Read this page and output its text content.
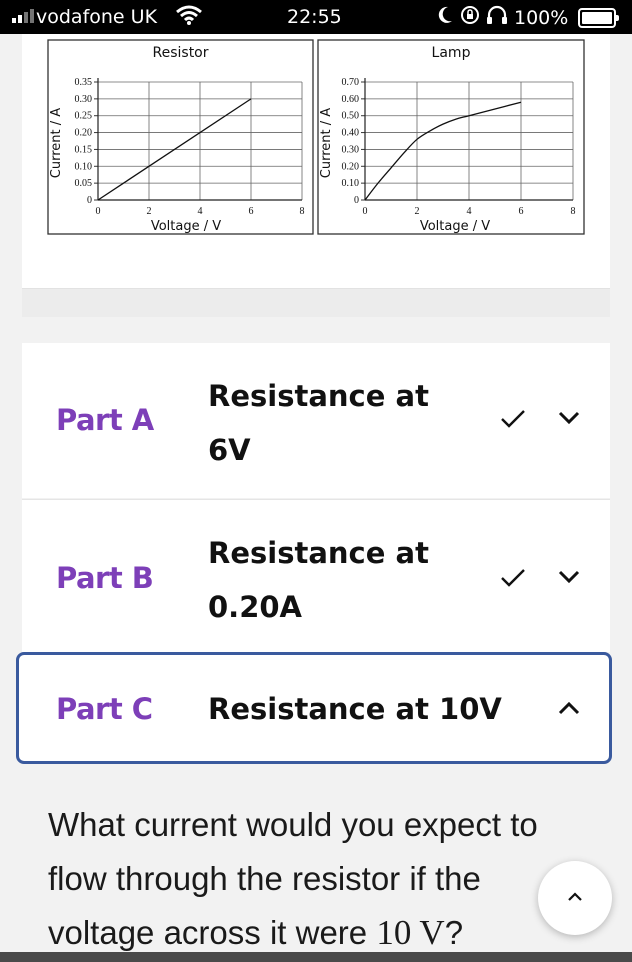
vodafone UK	22:55	100%
Resistor
0
0.05
0.10
0.15
0.20
0.25
0.30
0.35
0	2	4	6	8
Voltage / V
Current / A
Lamp
0
0.10
0.20
0.30
0.40
0.50
0.60
0.70
0	2	4	6	8
Voltage / V
Current / A
Part A
Resistance at
6V
Part B
Resistance at
0.20A
Part C Resistance at 10V
What current would you expect to
flow through the resistor if the
voltage across it were 10 V?
